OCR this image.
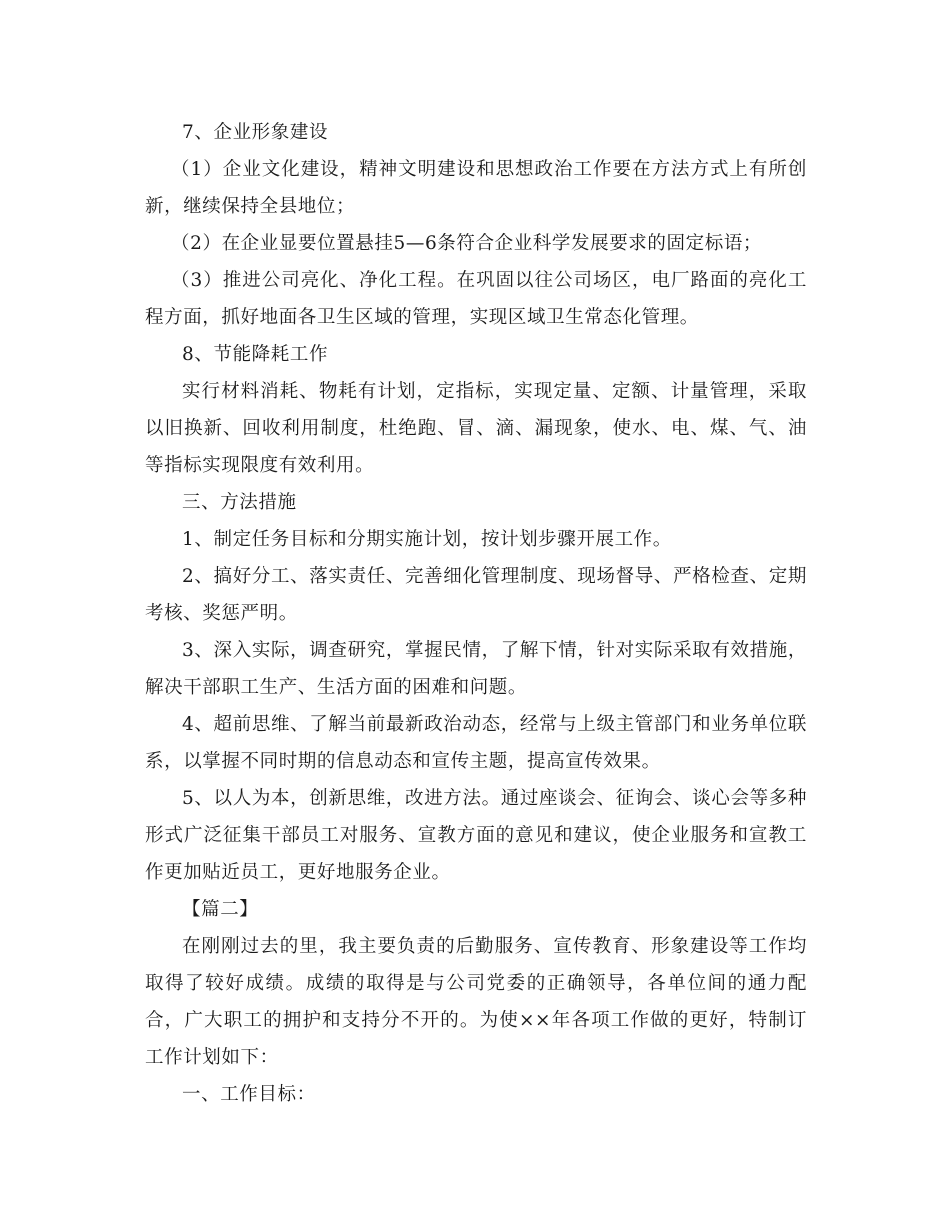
7、企业形象建设

（1）企业文化建设，精神文明建设和思想政治工作要在方法方式上有所创新，继续保持全县地位；

（2）在企业显要位置悬挂5—6条符合企业科学发展要求的固定标语；

（3）推进公司亮化、净化工程。在巩固以往公司场区，电厂路面的亮化工程方面，抓好地面各卫生区域的管理，实现区域卫生常态化管理。

8、节能降耗工作

实行材料消耗、物耗有计划，定指标，实现定量、定额、计量管理，采取以旧换新、回收利用制度，杜绝跑、冒、滴、漏现象，使水、电、煤、气、油等指标实现限度有效利用。

三、方法措施

1、制定任务目标和分期实施计划，按计划步骤开展工作。

2、搞好分工、落实责任、完善细化管理制度、现场督导、严格检查、定期考核、奖惩严明。

3、深入实际，调查研究，掌握民情，了解下情，针对实际采取有效措施，解决干部职工生产、生活方面的困难和问题。

4、超前思维、了解当前最新政治动态，经常与上级主管部门和业务单位联系，以掌握不同时期的信息动态和宣传主题，提高宣传效果。

5、以人为本，创新思维，改进方法。通过座谈会、征询会、谈心会等多种形式广泛征集干部员工对服务、宣教方面的意见和建议，使企业服务和宣教工作更加贴近员工，更好地服务企业。

【篇二】

在刚刚过去的里，我主要负责的后勤服务、宣传教育、形象建设等工作均取得了较好成绩。成绩的取得是与公司党委的正确领导，各单位间的通力配合，广大职工的拥护和支持分不开的。为使××年各项工作做的更好，特制订工作计划如下：

一、工作目标：
